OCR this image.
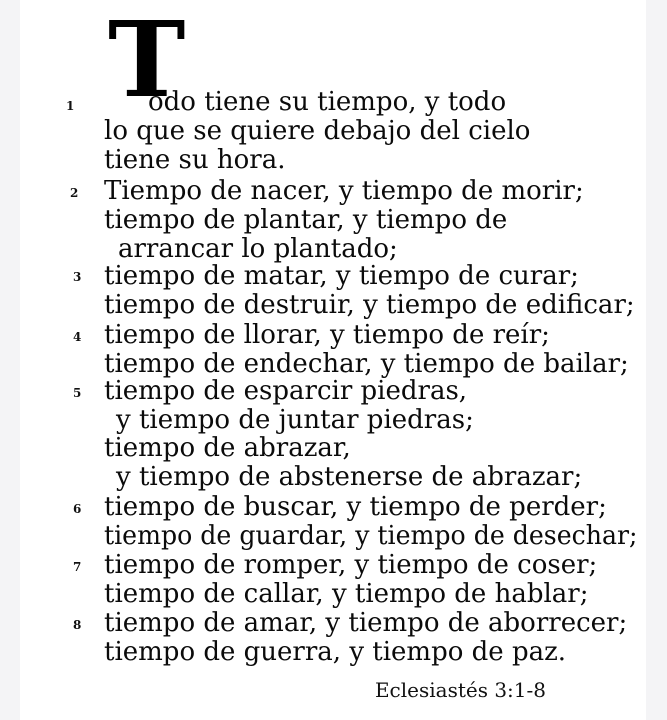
T
1	odo tiene su tiempo, y todo
lo que se quiere debajo del cielo
tiene su hora.
2 Tiempo de nacer, y tiempo de morir;
tiempo de plantar, y tiempo de
arrancar lo plantado;
3 tiempo de matar, y tiempo de curar;
tiempo de destruir, y tiempo de edificar;
4 tiempo de llorar, y tiempo de reír;
tiempo de endechar, y tiempo de bailar;
5 tiempo de esparcir piedras,
y tiempo de juntar piedras;
tiempo de abrazar,
y tiempo de abstenerse de abrazar;
6 tiempo de buscar, y tiempo de perder;
tiempo de guardar, y tiempo de desechar;
7 tiempo de romper, y tiempo de coser;
tiempo de callar, y tiempo de hablar;
8 tiempo de amar, y tiempo de aborrecer;
tiempo de guerra, y tiempo de paz.
Eclesiastés 3:1-8
